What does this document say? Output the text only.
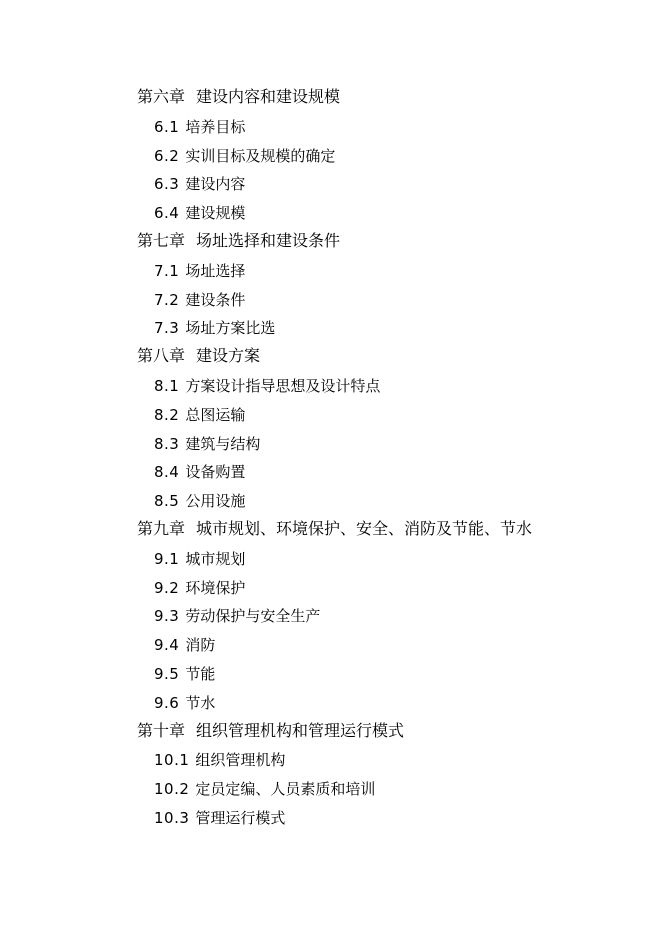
第六章 建设内容和建设规模
6.1 培养目标
6.2 实训目标及规模的确定
6.3 建设内容
6.4 建设规模
第七章 场址选择和建设条件
7.1 场址选择
7.2 建设条件
7.3 场址方案比选
第八章 建设方案
8.1 方案设计指导思想及设计特点
8.2 总图运输
8.3 建筑与结构
8.4 设备购置
8.5 公用设施
第九章 城市规划、环境保护、安全、消防及节能、节水
9.1 城市规划
9.2 环境保护
9.3 劳动保护与安全生产
9.4 消防
9.5 节能
9.6 节水
第十章 组织管理机构和管理运行模式
10.1 组织管理机构
10.2 定员定编、人员素质和培训
10.3 管理运行模式
